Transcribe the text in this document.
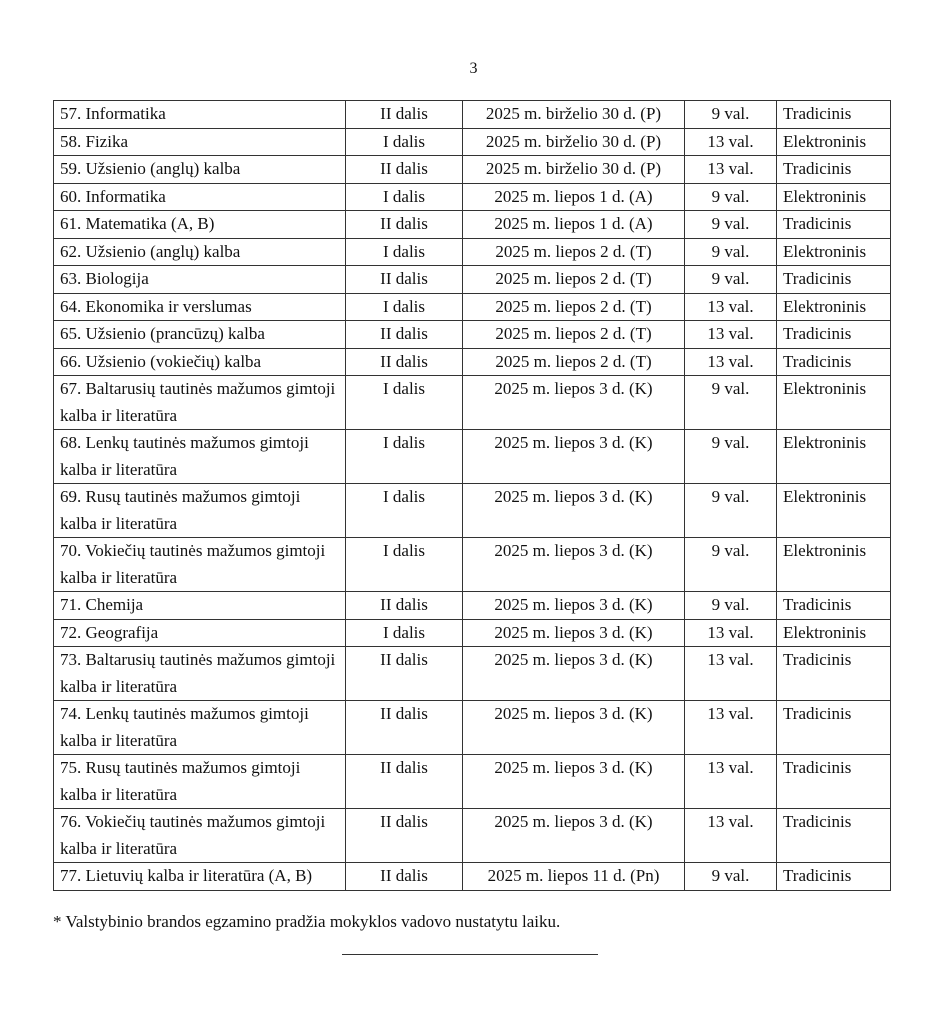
3
57. Informatika	II dalis	2025 m. birželio 30 d. (P)	9 val.	Tradicinis
58. Fizika	I dalis	2025 m. birželio 30 d. (P)	13 val.	Elektroninis
59. Užsienio (anglų) kalba	II dalis	2025 m. birželio 30 d. (P)	13 val.	Tradicinis
60. Informatika	I dalis	2025 m. liepos 1 d. (A)	9 val.	Elektroninis
61. Matematika (A, B)	II dalis	2025 m. liepos 1 d. (A)	9 val.	Tradicinis
62. Užsienio (anglų) kalba	I dalis	2025 m. liepos 2 d. (T)	9 val.	Elektroninis
63. Biologija	II dalis	2025 m. liepos 2 d. (T)	9 val.	Tradicinis
64. Ekonomika ir verslumas	I dalis	2025 m. liepos 2 d. (T)	13 val.	Elektroninis
65. Užsienio (prancūzų) kalba	II dalis	2025 m. liepos 2 d. (T)	13 val.	Tradicinis
66. Užsienio (vokiečių) kalba	II dalis	2025 m. liepos 2 d. (T)	13 val.	Tradicinis
67. Baltarusių tautinės mažumos gimtoji kalba ir literatūra	I dalis	2025 m. liepos 3 d. (K)	9 val.	Elektroninis
68. Lenkų tautinės mažumos gimtoji kalba ir literatūra	I dalis	2025 m. liepos 3 d. (K)	9 val.	Elektroninis
69. Rusų tautinės mažumos gimtoji kalba ir literatūra	I dalis	2025 m. liepos 3 d. (K)	9 val.	Elektroninis
70. Vokiečių tautinės mažumos gimtoji kalba ir literatūra	I dalis	2025 m. liepos 3 d. (K)	9 val.	Elektroninis
71. Chemija	II dalis	2025 m. liepos 3 d. (K)	9 val.	Tradicinis
72. Geografija	I dalis	2025 m. liepos 3 d. (K)	13 val.	Elektroninis
73. Baltarusių tautinės mažumos gimtoji kalba ir literatūra	II dalis	2025 m. liepos 3 d. (K)	13 val.	Tradicinis
74. Lenkų tautinės mažumos gimtoji kalba ir literatūra	II dalis	2025 m. liepos 3 d. (K)	13 val.	Tradicinis
75. Rusų tautinės mažumos gimtoji kalba ir literatūra	II dalis	2025 m. liepos 3 d. (K)	13 val.	Tradicinis
76. Vokiečių tautinės mažumos gimtoji kalba ir literatūra	II dalis	2025 m. liepos 3 d. (K)	13 val.	Tradicinis
77. Lietuvių kalba ir literatūra (A, B)	II dalis	2025 m. liepos 11 d. (Pn)	9 val.	Tradicinis
* Valstybinio brandos egzamino pradžia mokyklos vadovo nustatytu laiku.
